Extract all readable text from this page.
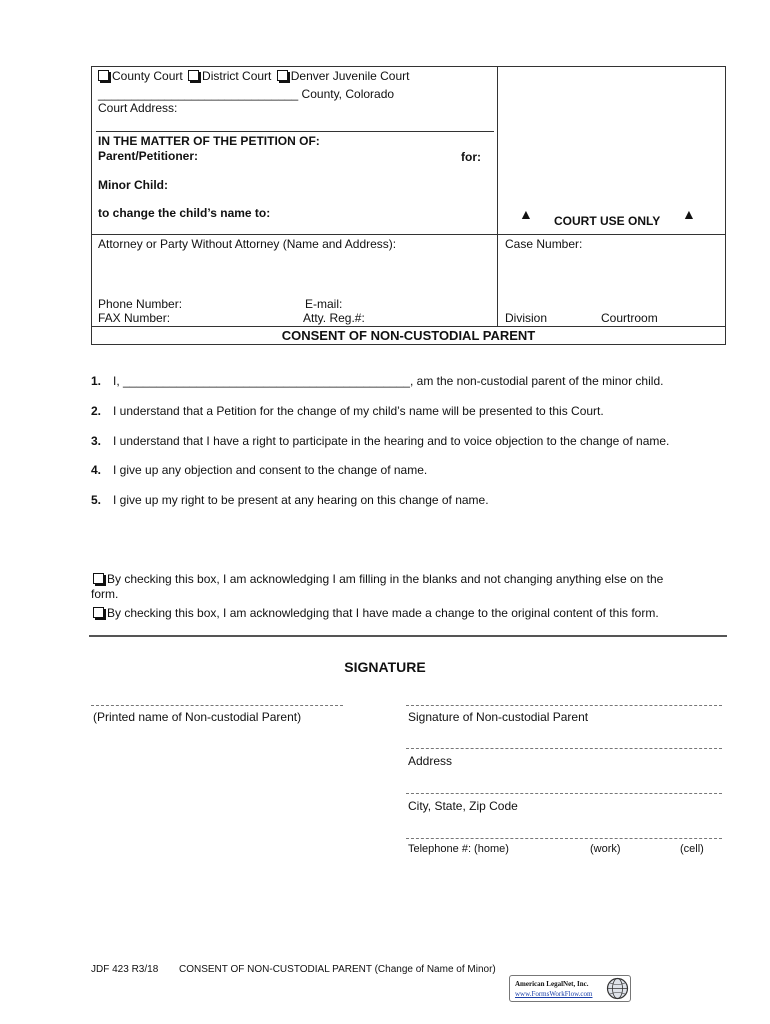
County Court District Court Denver Juvenile Court
______________________________ County, Colorado
Court Address:
IN THE MATTER OF THE PETITION OF:
Parent/Petitioner:	for:
Minor Child:
to change the child’s name to:	▲ COURT USE ONLY ▲
Attorney or Party Without Attorney (Name and Address):
Phone Number:	E-mail:
FAX Number:	Atty. Reg.#:
Case Number:
Division	Courtroom
CONSENT OF NON-CUSTODIAL PARENT
1. I, ___________________________________________, am the non-custodial parent of the minor child.
2. I understand that a Petition for the change of my child’s name will be presented to this Court.
3. I understand that I have a right to participate in the hearing and to voice objection to the change of name.
4. I give up any objection and consent to the change of name.
5. I give up my right to be present at any hearing on this change of name.
By checking this box, I am acknowledging I am filling in the blanks and not changing anything else on the
form.
By checking this box, I am acknowledging that I have made a change to the original content of this form.
SIGNATURE
(Printed name of Non-custodial Parent)	Signature of Non-custodial Parent
Address
City, State, Zip Code
Telephone #: (home)	(work)	(cell)
JDF 423 R3/18 CONSENT OF NON-CUSTODIAL PARENT (Change of Name of Minor)
American LegalNet, Inc.
www.FormsWorkFlow.com
